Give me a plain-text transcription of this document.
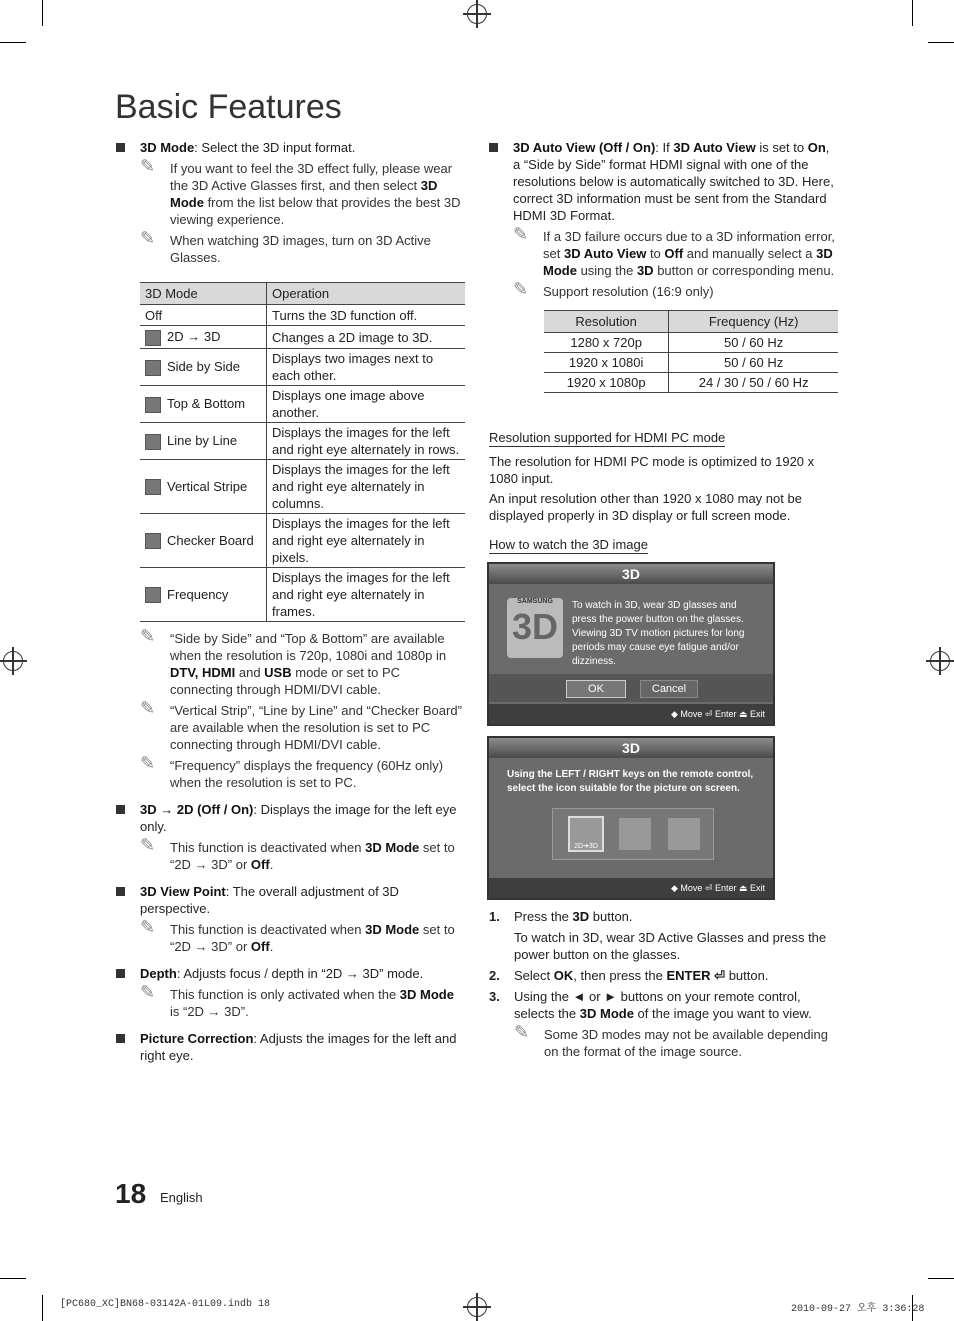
Basic Features
3D Mode: Select the 3D input format.
✎ If you want to feel the 3D effect fully, please wear the 3D Active Glasses first, and then select 3D Mode from the list below that provides the best 3D viewing experience.
✎ When watching 3D images, turn on 3D Active Glasses.
3D Mode	Operation
Off	Turns the 3D function off.
2D → 3D	Changes a 2D image to 3D.
Side by Side	Displays two images next to each other.
Top & Bottom	Displays one image above another.
Line by Line	Displays the images for the left and right eye alternately in rows.
Vertical Stripe	Displays the images for the left and right eye alternately in columns.
Checker Board	Displays the images for the left and right eye alternately in pixels.
Frequency	Displays the images for the left and right eye alternately in frames.
✎ “Side by Side” and “Top & Bottom” are available when the resolution is 720p, 1080i and 1080p in DTV, HDMI and USB mode or set to PC connecting through HDMI/DVI cable.
✎ “Vertical Strip”, “Line by Line” and “Checker Board” are available when the resolution is set to PC connecting through HDMI/DVI cable.
✎ “Frequency” displays the frequency (60Hz only) when the resolution is set to PC.
3D → 2D (Off / On): Displays the image for the left eye only.
✎ This function is deactivated when 3D Mode set to “2D → 3D” or Off.
3D View Point: The overall adjustment of 3D perspective.
✎ This function is deactivated when 3D Mode set to “2D → 3D” or Off.
Depth: Adjusts focus / depth in “2D → 3D” mode.
✎ This function is only activated when the 3D Mode is “2D → 3D”.
Picture Correction: Adjusts the images for the left and right eye.
3D Auto View (Off / On): If 3D Auto View is set to On, a “Side by Side” format HDMI signal with one of the resolutions below is automatically switched to 3D. Here, correct 3D information must be sent from the Standard HDMI 3D Format.
✎ If a 3D failure occurs due to a 3D information error, set 3D Auto View to Off and manually select a 3D Mode using the 3D button or corresponding menu.
✎ Support resolution (16:9 only)
Resolution	Frequency (Hz)
1280 x 720p	50 / 60 Hz
1920 x 1080i	50 / 60 Hz
1920 x 1080p	24 / 30 / 50 / 60 Hz
Resolution supported for HDMI PC mode
The resolution for HDMI PC mode is optimized to 1920 x 1080 input.
An input resolution other than 1920 x 1080 may not be displayed properly in 3D display or full screen mode.
How to watch the 3D image
3D
SAMSUNG
3D
To watch in 3D, wear 3D glasses and press the power button on the glasses. Viewing 3D TV motion pictures for long periods may cause eye fatigue and/or dizziness.
OK	Cancel
◆ Move ⏎ Enter ⏏ Exit
3D
Using the LEFT / RIGHT keys on the remote control, select the icon suitable for the picture on screen.
2D➔3D
◆ Move ⏎ Enter ⏏ Exit
1. Press the 3D button.
To watch in 3D, wear 3D Active Glasses and press the power button on the glasses.
2. Select OK, then press the ENTER ⏎ button.
3. Using the ◄ or ► buttons on your remote control, selects the 3D Mode of the image you want to view.
✎ Some 3D modes may not be available depending on the format of the image source.
18 English
[PC680_XC]BN68-03142A-01L09.indb 18	2010-09-27 오후 3:36:28
